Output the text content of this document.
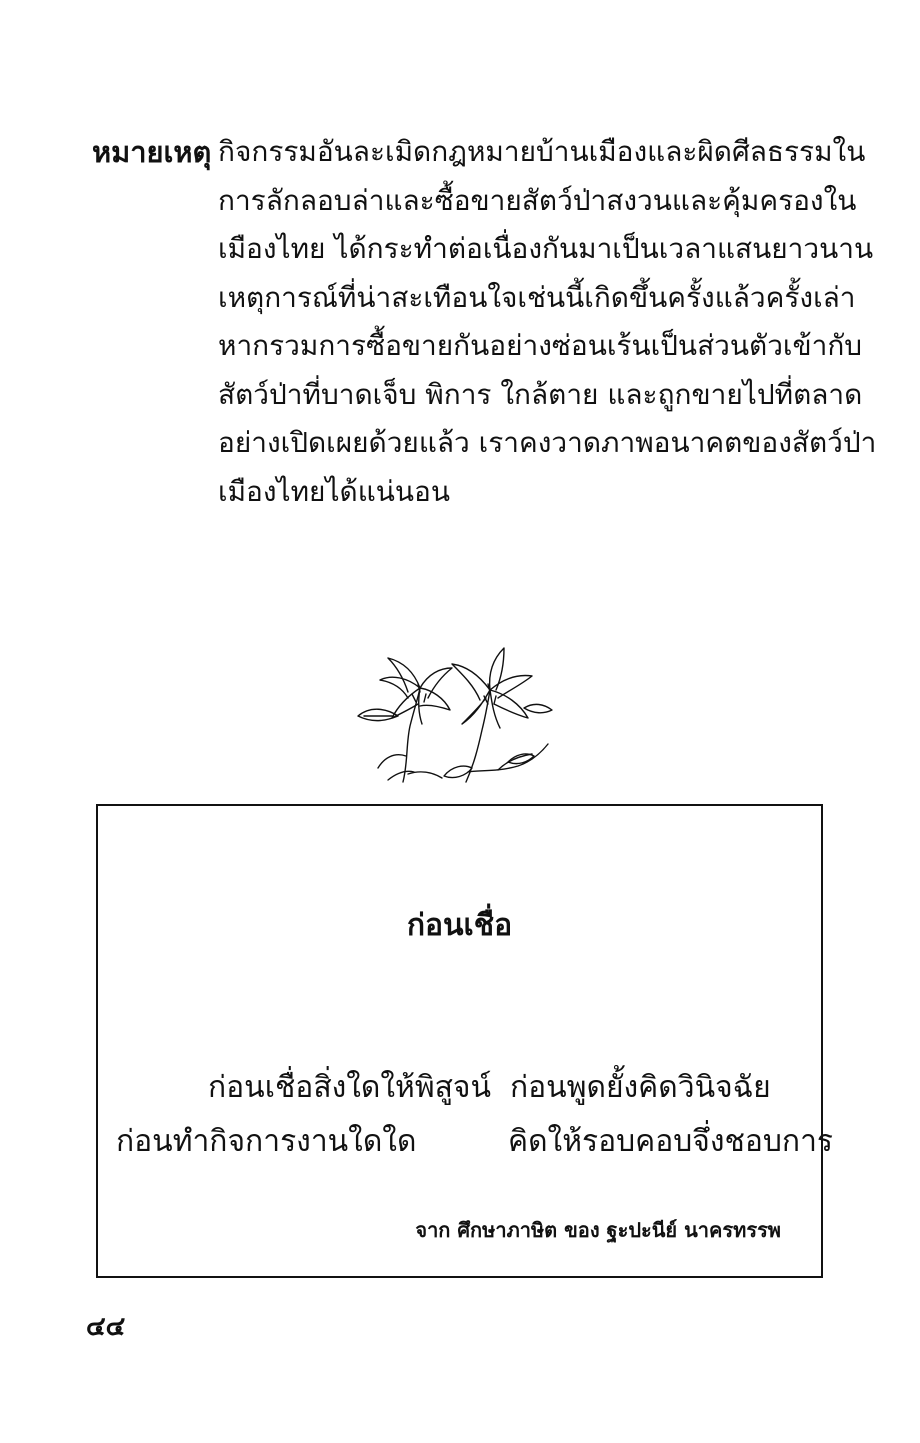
หมายเหตุ กิจกรรมอันละเมิดกฎหมายบ้านเมืองและผิดศีลธรรมใน
การลักลอบล่าและซื้อขายสัตว์ป่าสงวนและคุ้มครองใน
เมืองไทย ได้กระทำต่อเนื่องกันมาเป็นเวลาแสนยาวนาน
เหตุการณ์ที่น่าสะเทือนใจเช่นนี้เกิดขึ้นครั้งแล้วครั้งเล่า
หากรวมการซื้อขายกันอย่างซ่อนเร้นเป็นส่วนตัวเข้ากับ
สัตว์ป่าที่บาดเจ็บ พิการ ใกล้ตาย และถูกขายไปที่ตลาด
อย่างเปิดเผยด้วยแล้ว เราคงวาดภาพอนาคตของสัตว์ป่า
เมืองไทยได้แน่นอน
ก่อนเชื่อ
ก่อนเชื่อสิ่งใดให้พิสูจน์ ก่อนพูดยั้งคิดวินิจฉัย
ก่อนทำกิจการงานใดใด	คิดให้รอบคอบจึ่งชอบการ
จาก ศึกษาภาษิต ของ ฐะปะนีย์ นาครทรรพ
๔๔
